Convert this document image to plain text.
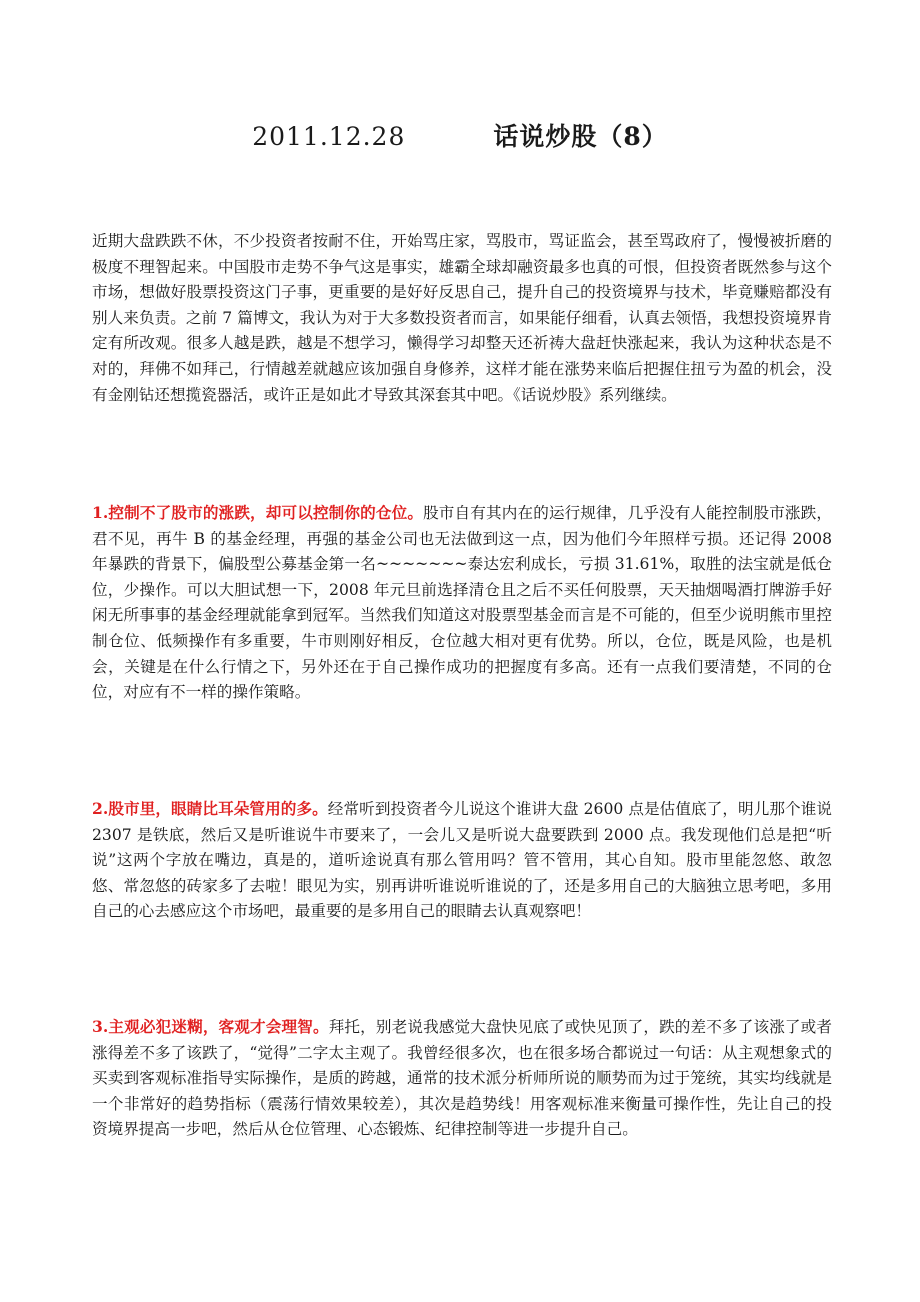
2011.12.28	话说炒股（8）

近期大盘跌跌不休，不少投资者按耐不住，开始骂庄家，骂股市，骂证监会，甚至骂政府了，慢慢被折磨的极度不理智起来。中国股市走势不争气这是事实，雄霸全球却融资最多也真的可恨，但投资者既然参与这个市场，想做好股票投资这门子事，更重要的是好好反思自己，提升自己的投资境界与技术，毕竟赚赔都没有别人来负责。之前 7 篇博文，我认为对于大多数投资者而言，如果能仔细看，认真去领悟，我想投资境界肯定有所改观。很多人越是跌，越是不想学习，懒得学习却整天还祈祷大盘赶快涨起来，我认为这种状态是不对的，拜佛不如拜己，行情越差就越应该加强自身修养，这样才能在涨势来临后把握住扭亏为盈的机会，没有金刚钻还想揽瓷器活，或许正是如此才导致其深套其中吧。《话说炒股》系列继续。

1.控制不了股市的涨跌，却可以控制你的仓位。股市自有其内在的运行规律，几乎没有人能控制股市涨跌，君不见，再牛 B 的基金经理，再强的基金公司也无法做到这一点，因为他们今年照样亏损。还记得 2008 年暴跌的背景下，偏股型公募基金第一名~~~~~~~泰达宏利成长，亏损 31.61%，取胜的法宝就是低仓位，少操作。可以大胆试想一下，2008 年元旦前选择清仓且之后不买任何股票，天天抽烟喝酒打牌游手好闲无所事事的基金经理就能拿到冠军。当然我们知道这对股票型基金而言是不可能的，但至少说明熊市里控制仓位、低频操作有多重要，牛市则刚好相反，仓位越大相对更有优势。所以，仓位，既是风险，也是机会，关键是在什么行情之下，另外还在于自己操作成功的把握度有多高。还有一点我们要清楚，不同的仓位，对应有不一样的操作策略。

2.股市里，眼睛比耳朵管用的多。经常听到投资者今儿说这个谁讲大盘 2600 点是估值底了，明儿那个谁说 2307 是铁底，然后又是听谁说牛市要来了，一会儿又是听说大盘要跌到 2000 点。我发现他们总是把“听说”这两个字放在嘴边，真是的，道听途说真有那么管用吗？管不管用，其心自知。股市里能忽悠、敢忽悠、常忽悠的砖家多了去啦！眼见为实，别再讲听谁说听谁说的了，还是多用自己的大脑独立思考吧，多用自己的心去感应这个市场吧，最重要的是多用自己的眼睛去认真观察吧！

3.主观必犯迷糊，客观才会理智。拜托，别老说我感觉大盘快见底了或快见顶了，跌的差不多了该涨了或者涨得差不多了该跌了，“觉得”二字太主观了。我曾经很多次，也在很多场合都说过一句话：从主观想象式的买卖到客观标准指导实际操作，是质的跨越，通常的技术派分析师所说的顺势而为过于笼统，其实均线就是一个非常好的趋势指标（震荡行情效果较差），其次是趋势线！用客观标准来衡量可操作性，先让自己的投资境界提高一步吧，然后从仓位管理、心态锻炼、纪律控制等进一步提升自己。
